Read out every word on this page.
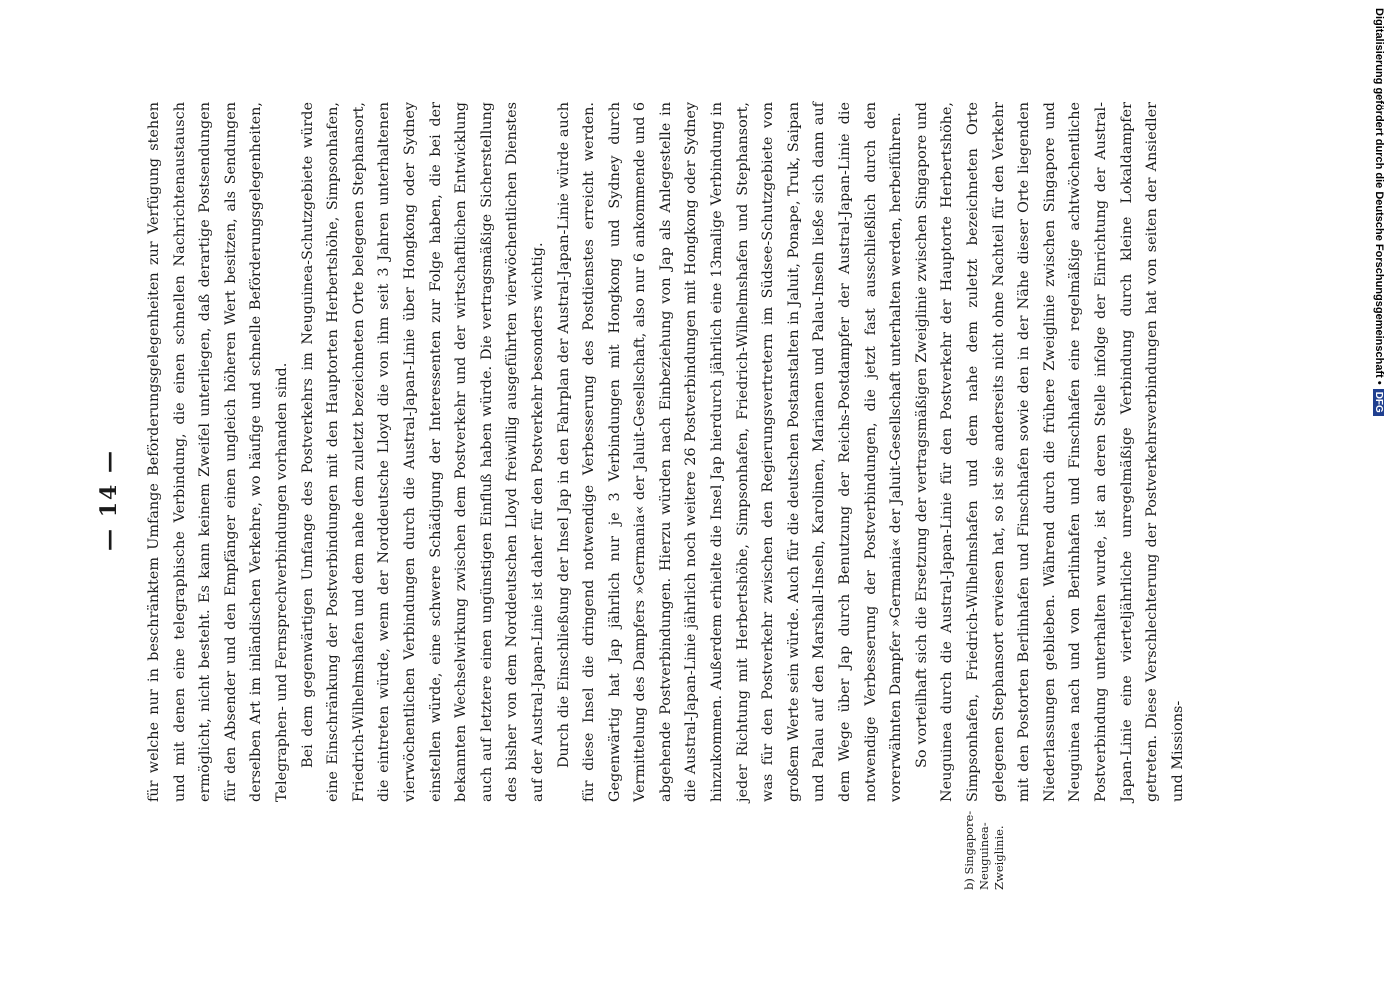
— 14 — für welche nur in beschränktem Umfange Beförderungsgelegenheiten zur Verfügung stehen und mit denen eine telegraphische Verbindung, die einen schnellen Nachrichtenaustausch ermöglicht, nicht besteht. Es kann keinem Zweifel unterliegen, daß derartige Postsendungen für den Absender und den Empfänger einen ungleich höheren Wert besitzen, als Sendungen derselben Art im inländischen Verkehre, wo häufige und schnelle Beförderungsgelegenheiten, Telegraphen- und Fernsprechverbindungen vorhanden sind. Bei dem gegenwärtigen Umfange des Postverkehrs im Neuguinea-Schutzgebiete würde eine Einschränkung der Postverbindungen mit den Hauptorten Herbertshöhe, Simpsonhafen, Friedrich-Wilhelmshafen und dem nahe dem zuletzt bezeichneten Orte belegenen Stephansort, die eintreten würde, wenn der Norddeutsche Lloyd die von ihm seit 3 Jahren unterhaltenen vierwöchentlichen Verbindungen durch die Austral-Japan-Linie über Hongkong oder Sydney einstellen würde, eine schwere Schädigung der Interessenten zur Folge haben, die bei der bekannten Wechselwirkung zwischen dem Postverkehr und der wirtschaftlichen Entwicklung auch auf letztere einen ungünstigen Einfluß haben würde. Die vertragsmäßige Sicherstellung des bisher von dem Norddeutschen Lloyd freiwillig ausgeführten vierwöchentlichen Dienstes auf der Austral-Japan-Linie ist daher für den Postverkehr besonders wichtig. Durch die Einschließung der Insel Jap in den Fahrplan der Austral-Japan-Linie würde auch für diese Insel die dringend notwendige Verbesserung des Postdienstes erreicht werden. Gegenwärtig hat Jap jährlich nur je 3 Verbindungen mit Hongkong und Sydney durch Vermittelung des Dampfers »Germania« der Jaluit-Gesellschaft, also nur 6 ankommende und 6 abgehende Postverbindungen. Hierzu würden nach Einbeziehung von Jap als Anlegestelle in die Austral-Japan-Linie jährlich noch weitere 26 Postverbindungen mit Hongkong oder Sydney hinzukommen. Außerdem erhielte die Insel Jap hierdurch jährlich eine 13malige Verbindung in jeder Richtung mit Herbertshöhe, Simpsonhafen, Friedrich-Wilhelmshafen und Stephansort, was für den Postverkehr zwischen den Regierungsvertretern im Südsee-Schutzgebiete von großem Werte sein würde. Auch für die deutschen Postanstalten in Jaluit, Ponape, Truk, Saipan und Palau auf den Marshall-Inseln, Karolinen, Marianen und Palau-Inseln ließe sich dann auf dem Wege über Jap durch Benutzung der Reichs-Postdampfer der Austral-Japan-Linie die notwendige Verbesserung der Postverbindungen, die jetzt fast ausschließlich durch den vorerwähnten Dampfer »Germania« der Jaluit-Gesellschaft unterhalten werden, herbeiführen. So vorteilhaft sich die Ersetzung der vertragsmäßigen Zweiglinie zwischen Singapore und Neuguinea durch die Austral-Japan-Linie für den Postverkehr der Hauptorte Herbertshöhe, Simpsonhafen, Friedrich-Wilhelmshafen und dem nahe dem zuletzt bezeichneten Orte gelegenen Stephansort erwiesen hat, so ist sie anderseits nicht ohne Nachteil für den Verkehr mit den Postorten Berlinhafen und Finschhafen sowie den in der Nähe dieser Orte liegenden Niederlassungen geblieben. Während durch die frühere Zweiglinie zwischen Singapore und Neuguinea nach und von Berlinhafen und Finschhafen eine regelmäßige achtwöchentliche Postverbindung unterhalten wurde, ist an deren Stelle infolge der Einrichtung der Austral-Japan-Linie eine vierteljährliche unregelmäßige Verbindung durch kleine Lokaldampfer getreten. Diese Verschlechterung der Postverkehrsverbindungen hat von seiten der Ansiedler und Missions-

b) Singapore-Neuguinea-Zweiglinie.
Digitalisierung gefördert durch die Deutsche Forschungsgemeinschaft •DFG
